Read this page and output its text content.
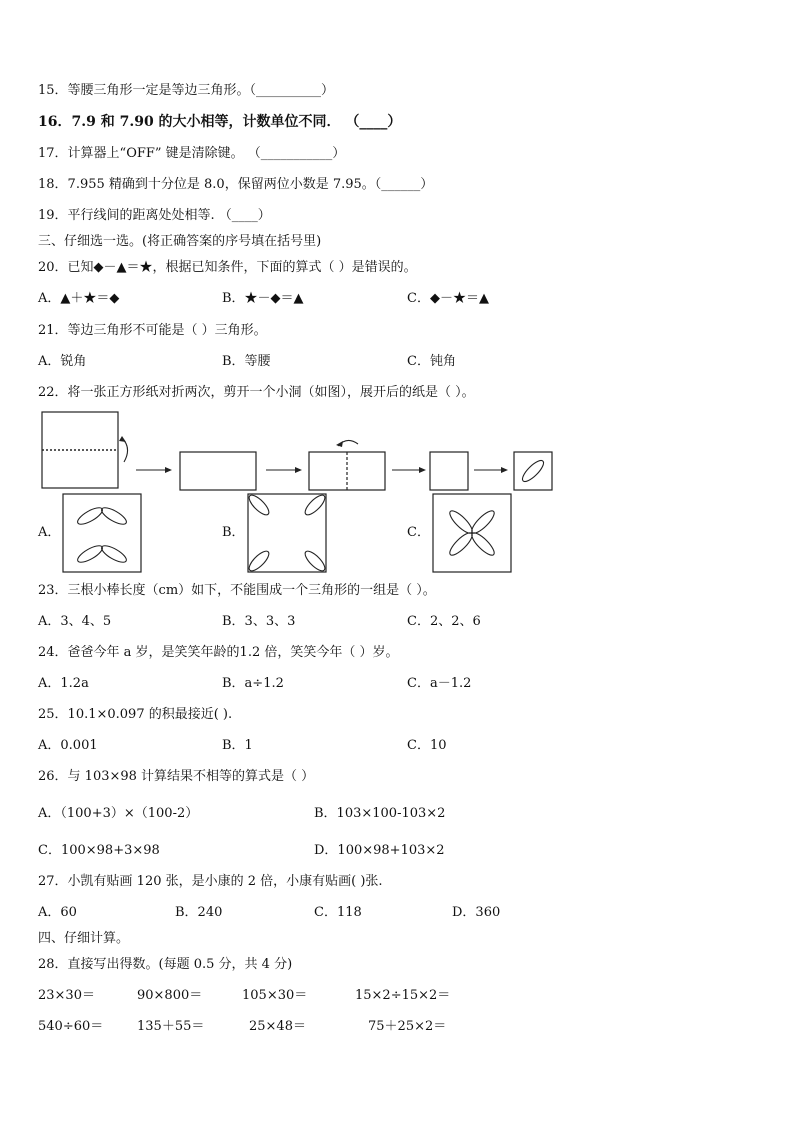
15．等腰三角形一定是等边三角形。（__________）
16．7.9 和 7.90 的大小相等，计数单位不同． （____）
17．计算器上“OFF” 键是清除键。 （___________）
18．7.955 精确到十分位是 8.0，保留两位小数是 7.95。（______）
19．平行线间的距离处处相等. （____）
三、仔细选一选。(将正确答案的序号填在括号里)
20．已知◆－▲＝★，根据已知条件，下面的算式（ ）是错误的。
A．▲＋★＝◆	B．★－◆＝▲	C．◆－★＝▲
21．等边三角形不可能是（ ）三角形。
A．锐角	B．等腰	C．钝角
22．将一张正方形纸对折两次，剪开一个小洞（如图），展开后的纸是（ ）。
A．	B．	C．
23．三根小棒长度（cm）如下，不能围成一个三角形的一组是（ ）。
A．3、4、5	B．3、3、3	C．2、2、6
24．爸爸今年 a 岁，是笑笑年龄的1.2 倍，笑笑今年（ ）岁。
A．1.2a	B．a÷1.2	C．a－1.2
25．10.1×0.097 的积最接近( ).
A．0.001	B．1	C．10
26．与 103×98 计算结果不相等的算式是（ ）
A．（100+3）×（100-2）	B．103×100-103×2
C．100×98+3×98	D．100×98+103×2
27．小凯有贴画 120 张，是小康的 2 倍，小康有贴画( )张.
A．60	B．240	C．118	D．360
四、仔细计算。
28．直接写出得数。(每题 0.5 分，共 4 分)
23×30＝	90×800＝	105×30＝	15×2÷15×2＝
540÷60＝	135＋55＝	25×48＝	75＋25×2＝
